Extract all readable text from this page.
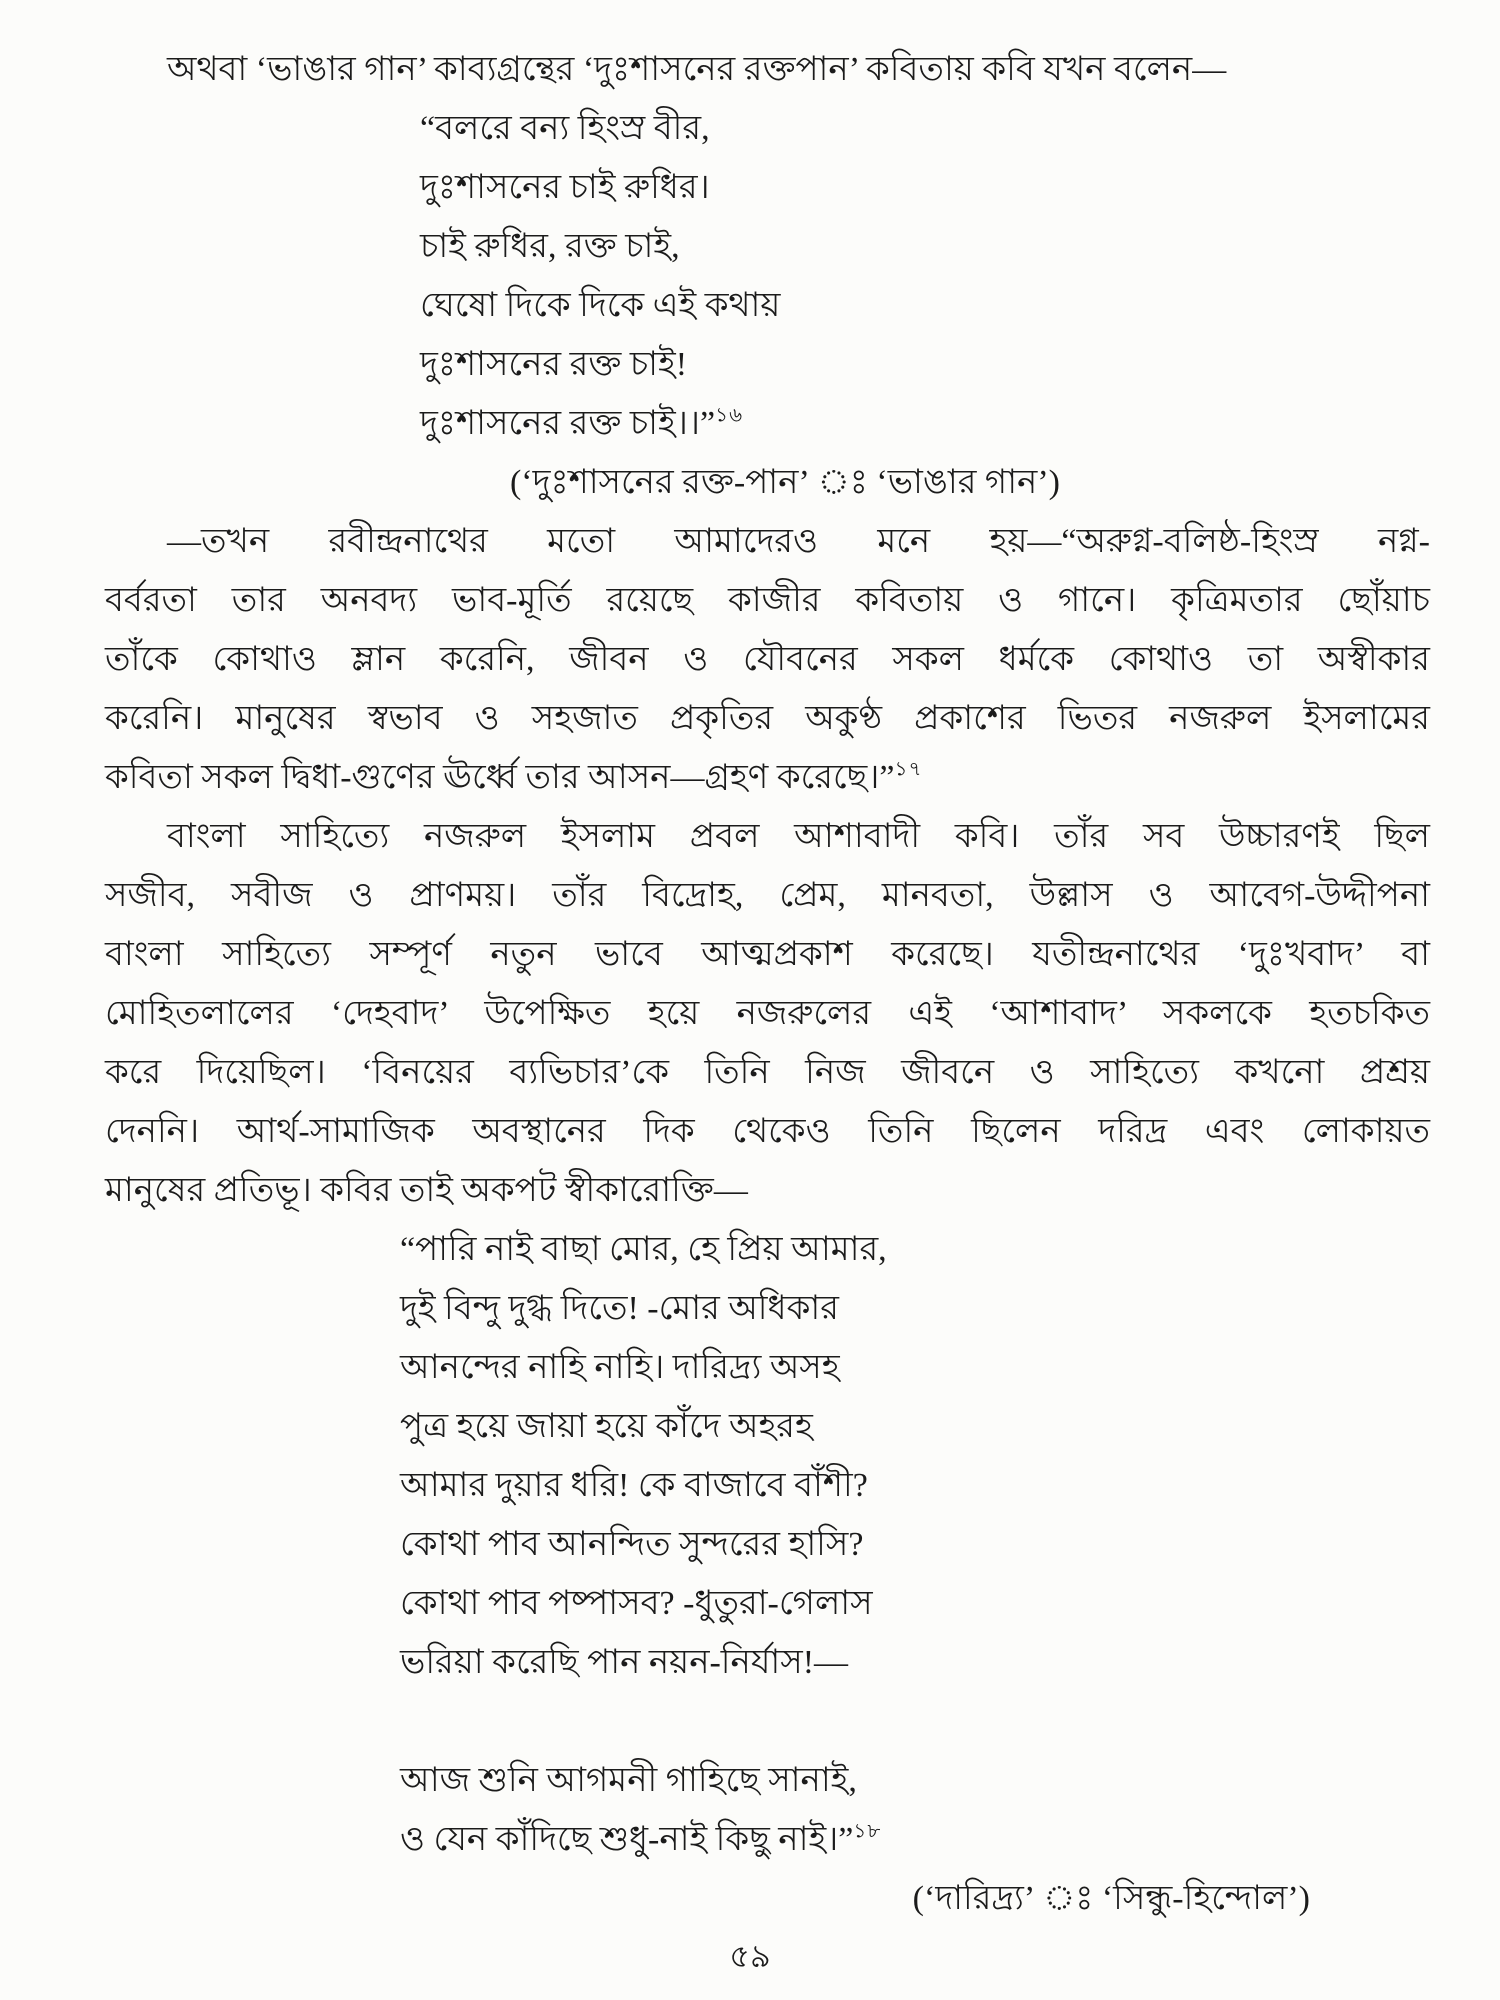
অথবা ‘ভাঙার গান’ কাব্যগ্রন্থের ‘দুঃশাসনের রক্তপান’ কবিতায় কবি যখন বলেন—
“বলরে বন্য হিংস্র বীর,
দুঃশাসনের চাই রুধির।
চাই রুধির, রক্ত চাই,
ঘেষো দিকে দিকে এই কথায়
দুঃশাসনের রক্ত চাই!
দুঃশাসনের রক্ত চাই।।”$^{১৬}$
(‘দুঃশাসনের রক্ত-পান’ ঃ ‘ভাঙার গান’)
—তখন রবীন্দ্রনাথের মতো আমাদেরও মনে হয়—“অরুগ্ন-বলিষ্ঠ-হিংস্র নগ্ন-
বর্বরতা তার অনবদ্য ভাব-মূর্তি রয়েছে কাজীর কবিতায় ও গানে। কৃত্রিমতার ছোঁয়াচ
তাঁকে কোথাও ম্লান করেনি, জীবন ও যৌবনের সকল ধর্মকে কোথাও তা অস্বীকার
করেনি। মানুষের স্বভাব ও সহজাত প্রকৃতির অকুণ্ঠ প্রকাশের ভিতর নজরুল ইসলামের
কবিতা সকল দ্বিধা-গুণের ঊর্ধ্বে তার আসন—গ্রহণ করেছে।”$^{১৭}$
বাংলা সাহিত্যে নজরুল ইসলাম প্রবল আশাবাদী কবি। তাঁর সব উচ্চারণই ছিল
সজীব, সবীজ ও প্রাণময়। তাঁর বিদ্রোহ, প্রেম, মানবতা, উল্লাস ও আবেগ-উদ্দীপনা
বাংলা সাহিত্যে সম্পূর্ণ নতুন ভাবে আত্মপ্রকাশ করেছে। যতীন্দ্রনাথের ‘দুঃখবাদ’ বা
মোহিতলালের ‘দেহবাদ’ উপেক্ষিত হয়ে নজরুলের এই ‘আশাবাদ’ সকলকে হতচকিত
করে দিয়েছিল। ‘বিনয়ের ব্যভিচার’কে তিনি নিজ জীবনে ও সাহিত্যে কখনো প্রশ্রয়
দেননি। আর্থ-সামাজিক অবস্থানের দিক থেকেও তিনি ছিলেন দরিদ্র এবং লোকায়ত
মানুষের প্রতিভূ। কবির তাই অকপট স্বীকারোক্তি—
“পারি নাই বাছা মোর, হে প্রিয় আমার,
দুই বিন্দু দুগ্ধ দিতে! -মোর অধিকার
আনন্দের নাহি নাহি। দারিদ্র্য অসহ
পুত্র হয়ে জায়া হয়ে কাঁদে অহরহ
আমার দুয়ার ধরি! কে বাজাবে বাঁশী?
কোথা পাব আনন্দিত সুন্দরের হাসি?
কোথা পাব পষ্পাসব? -ধুতুরা-গেলাস
ভরিয়া করেছি পান নয়ন-নির্যাস!—
আজ শুনি আগমনী গাহিছে সানাই,
ও যেন কাঁদিছে শুধু-নাই কিছু নাই।”$^{১৮}$
(‘দারিদ্র্য’ ঃ ‘সিন্ধু-হিন্দোল’)
৫৯
